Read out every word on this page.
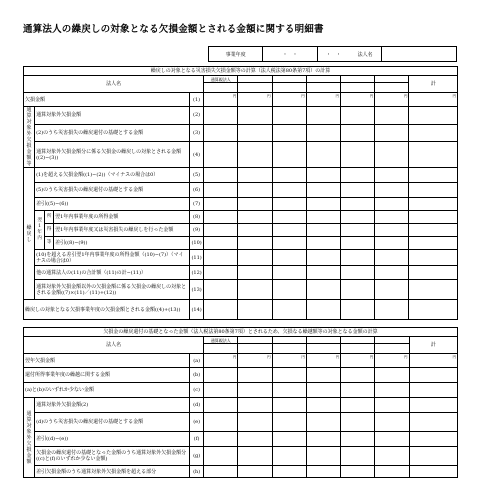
通算法人の繰戻しの対象となる欠損金額とされる金額に関する明細書
事業年度	・　・	・　・	法人名
繰戻しの対象となる災害損失欠損金額等の計算（法人税法第80条第7項）の計算											
法人名					通算親法人						計

欠損金額				(1)	円	円	円	円	円	円	円
通算対象外欠損金額等	通算対象外欠損金額			(2)							
	(2)のうち災害損失の繰戻還付の基礎とする金額			(3)							
	通算対象外欠損金額分に係る欠損金の繰戻しの対象とされる金額　((2)−(3))			(4)							
繰戻し	(1)を超える欠損金額((1)−(2))（マイナスの場合は0）			(5)							
	(5)のうち災害損失の繰戻還付の基礎とする金額			(6)							
	差引((5)−(6))			(7)							
	翌1年内	所	翌1年内事業年度の所得金額	(8)							
		得	翌1年内事業年度又は災害損失の繰戻しを行った金額	(9)							
		等	差引((8)−(9))	(10)							
	(10)を超える差引翌1年内事業年度の所得金額（(10)−(7)）（マイナスの場合は0）			(11)							
	他の通算法人の(11)の合計額（(11)の計−(11)）			(12)							
	通算対象外欠損金額以外の欠損金額に係る欠損金の繰戻しの対象とされる金額((7)×(11)／(11)+(12))			(13)							
繰戻しの対象となる欠損事業年度の欠損金額とされる金額((4)+(13))				(14)							
欠損金の繰戻還付の基礎となった金額（法人税法第80条第7項）とされるため、欠損なる繰越額等の対象となる金額の計算									
法人名			通算親法人						計

翌年欠損金額		(a)	円	円	円	円	円	円	円
還付所得事業年度の繰越に関する金額		(b)							
(a)と(b)のいずれか少ない金額		(c)							
通算対象外欠損金額	通算対象外欠損金額(2)	(d)							
	(d)のうち災害損失の繰戻還付の基礎とする金額	(e)							
	差引((d)−(e))	(f)							
	欠損金の繰戻還付の基礎となった金額のうち通算対象外欠損金額分((c)と(f)のいずれか少ない金額)	(g)							
	差引欠損金額のうち通算対象外欠損金額を超える部分	(h)							
